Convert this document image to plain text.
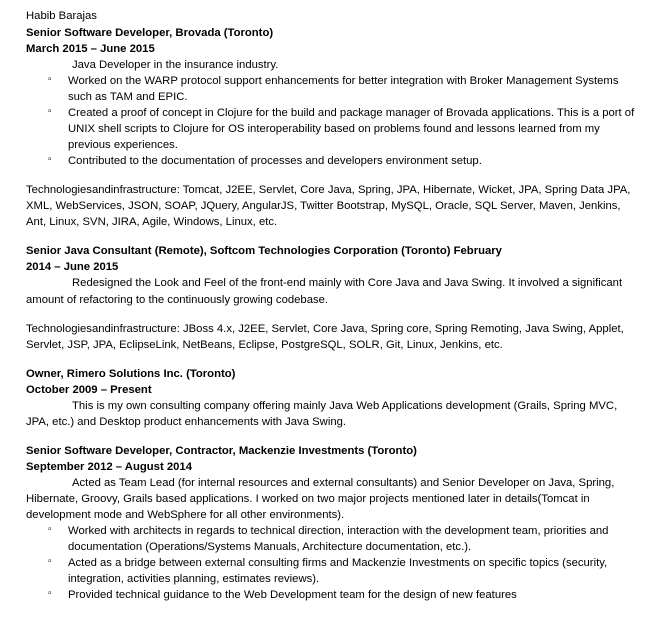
Habib Barajas

Senior Software Developer, Brovada (Toronto)

March 2015 – June 2015

Java Developer in the insurance industry.

▫ Worked on the WARP protocol support enhancements for better integration with Broker Management Systems such as TAM and EPIC.
▫ Created a proof of concept in Clojure for the build and package manager of Brovada applications. This is a port of UNIX shell scripts to Clojure for OS interoperability based on problems found and lessons learned from my previous experiences.
▫ Contributed to the documentation of processes and developers environment setup.

Technologiesandinfrastructure: Tomcat, J2EE, Servlet, Core Java, Spring, JPA, Hibernate, Wicket, JPA, Spring Data JPA, XML, WebServices, JSON, SOAP, JQuery, AngularJS, Twitter Bootstrap, MySQL, Oracle, SQL Server, Maven, Jenkins, Ant, Linux, SVN, JIRA, Agile, Windows, Linux, etc.

Senior Java Consultant (Remote), Softcom Technologies Corporation (Toronto) February

2014 – June 2015

Redesigned the Look and Feel of the front-end mainly with Core Java and Java Swing. It involved a significant amount of refactoring to the continuously growing codebase.

Technologiesandinfrastructure: JBoss 4.x, J2EE, Servlet, Core Java, Spring core, Spring Remoting, Java Swing, Applet, Servlet, JSP, JPA, EclipseLink, NetBeans, Eclipse, PostgreSQL, SOLR, Git, Linux, Jenkins, etc.

Owner, Rimero Solutions Inc. (Toronto)

October 2009 – Present

This is my own consulting company offering mainly Java Web Applications development (Grails, Spring MVC, JPA, etc.) and Desktop product enhancements with Java Swing.

Senior Software Developer, Contractor, Mackenzie Investments (Toronto)

September 2012 – August 2014

Acted as Team Lead (for internal resources and external consultants) and Senior Developer on Java, Spring, Hibernate, Groovy, Grails based applications. I worked on two major projects mentioned later in details(Tomcat in development mode and WebSphere for all other environments).

▫ Worked with architects in regards to technical direction, interaction with the development team, priorities and documentation (Operations/Systems Manuals, Architecture documentation, etc.).
▫ Acted as a bridge between external consulting firms and Mackenzie Investments on specific topics (security, integration, activities planning, estimates reviews).
▫ Provided technical guidance to the Web Development team for the design of new features
